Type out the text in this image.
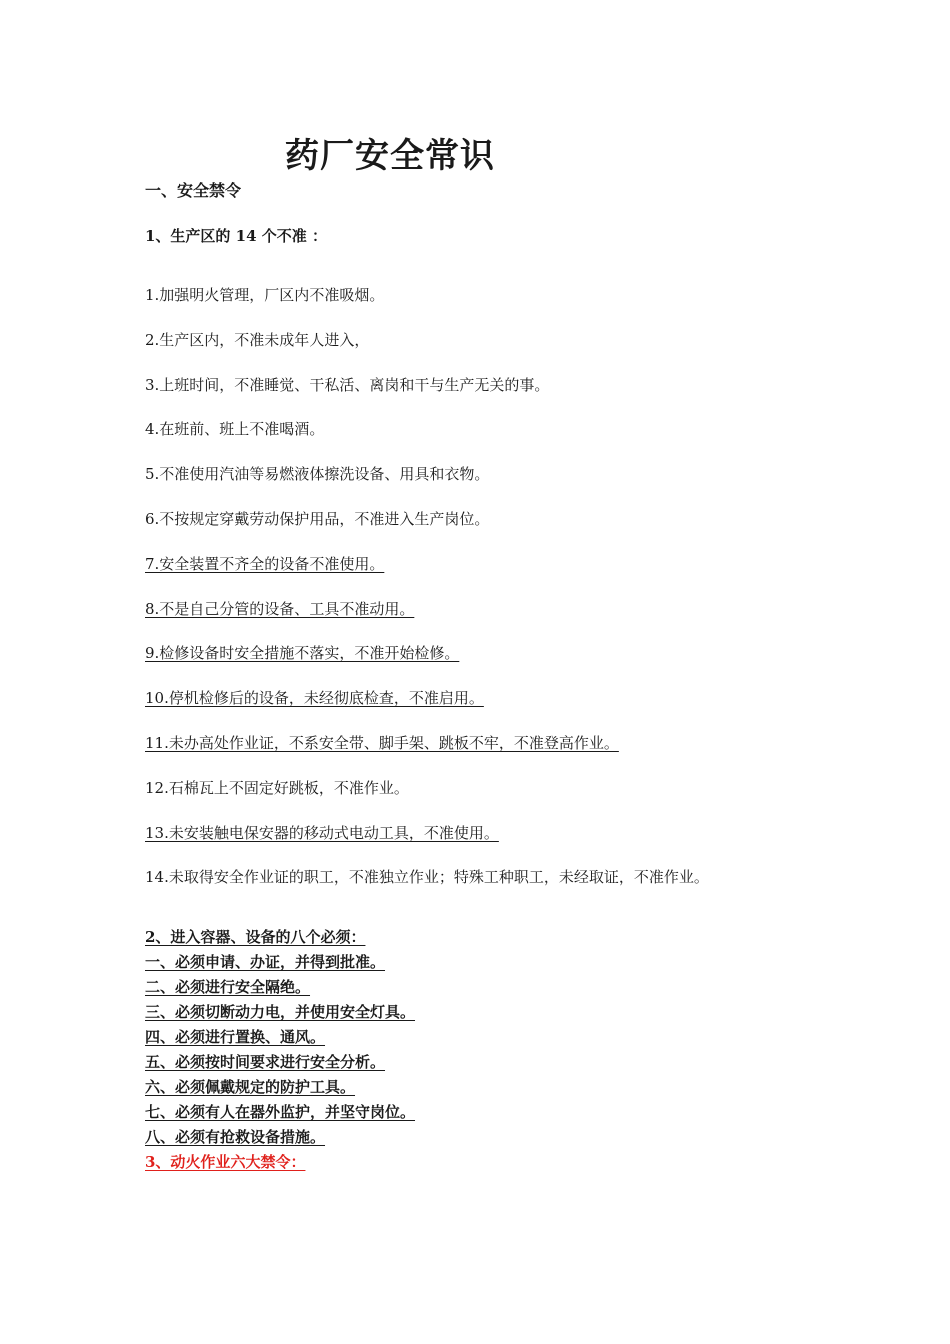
药厂安全常识
一、安全禁令
1、生产区的 14 个不准 ：
1.加强明火管理，厂区内不准吸烟。
2.生产区内，不准未成年人进入，
3.上班时间，不准睡觉、干私活、离岗和干与生产无关的事。
4.在班前、班上不准喝酒。
5.不准使用汽油等易燃液体擦洗设备、用具和衣物。
6.不按规定穿戴劳动保护用品，不准进入生产岗位。
7.安全装置不齐全的设备不准使用。
8.不是自己分管的设备、工具不准动用。
9.检修设备时安全措施不落实，不准开始检修。
10.停机检修后的设备，未经彻底检查，不准启用。
11.未办高处作业证，不系安全带、脚手架、跳板不牢，不准登高作业。
12.石棉瓦上不固定好跳板，不准作业。
13.未安装触电保安器的移动式电动工具，不准使用。
14.未取得安全作业证的职工，不准独立作业；特殊工种职工，未经取证，不准作业。
2、进入容器、设备的八个必须：
一、必须申请、办证，并得到批准。
二、必须进行安全隔绝。
三、必须切断动力电，并使用安全灯具。
四、必须进行置换、通风。
五、必须按时间要求进行安全分析。
六、必须佩戴规定的防护工具。
七、必须有人在器外监护，并坚守岗位。
八、必须有抢救设备措施。
3、动火作业六大禁令：
